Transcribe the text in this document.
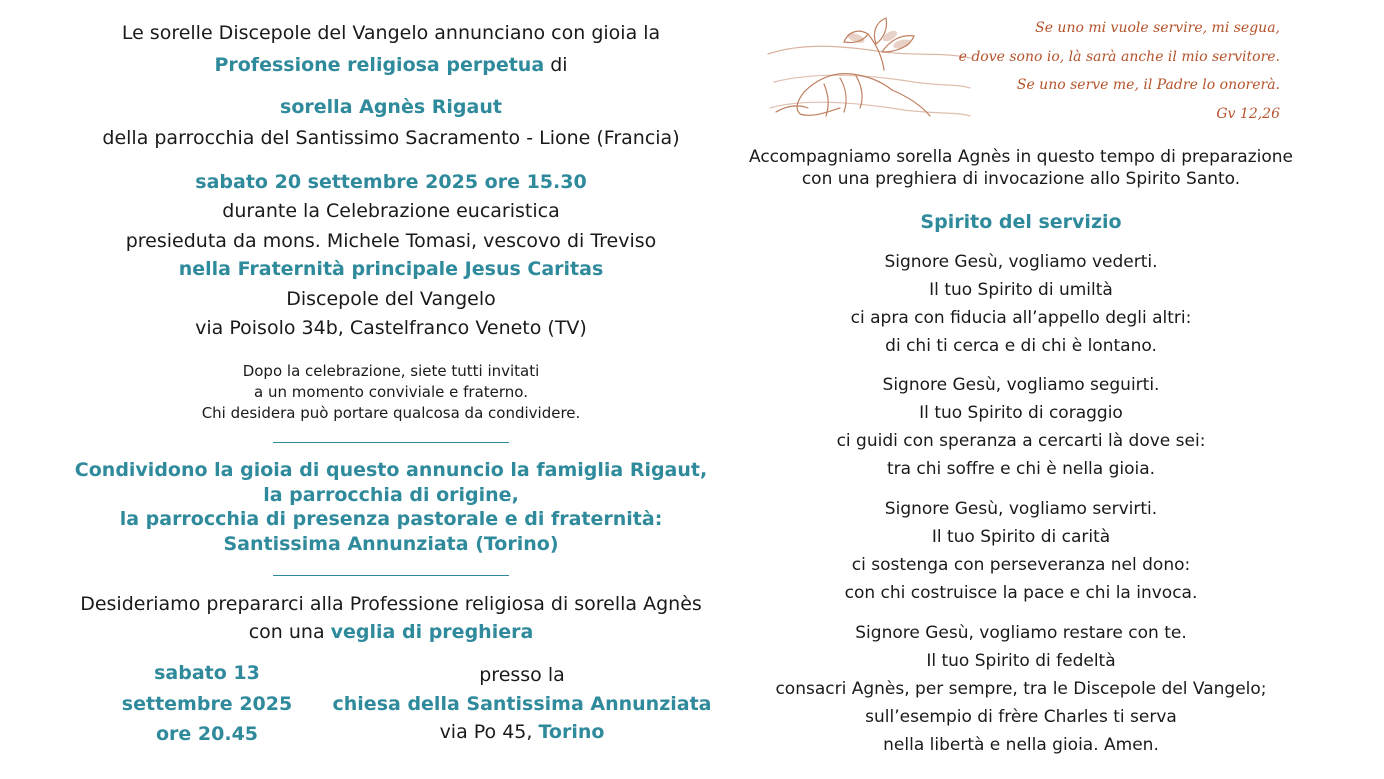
Le sorelle Discepole del Vangelo annunciano con gioia la
Professione religiosa perpetua di
sorella Agnès Rigaut
della parrocchia del Santissimo Sacramento - Lione (Francia)
sabato 20 settembre 2025 ore 15.30
durante la Celebrazione eucaristica
presieduta da mons. Michele Tomasi, vescovo di Treviso
nella Fraternità principale Jesus Caritas
Discepole del Vangelo
via Poisolo 34b, Castelfranco Veneto (TV)
Dopo la celebrazione, siete tutti invitati
a un momento conviviale e fraterno.
Chi desidera può portare qualcosa da condividere.
Condividono la gioia di questo annuncio la famiglia Rigaut,
la parrocchia di origine,
la parrocchia di presenza pastorale e di fraternità:
Santissima Annunziata (Torino)
Desideriamo prepararci alla Professione religiosa di sorella Agnès
con una veglia di preghiera
sabato 13
settembre 2025
ore 20.45
presso la
chiesa della Santissima Annunziata
via Po 45, Torino
Se uno mi vuole servire, mi segua,
e dove sono io, là sarà anche il mio servitore.
Se uno serve me, il Padre lo onorerà.
Gv 12,26
Accompagniamo sorella Agnès in questo tempo di preparazione
con una preghiera di invocazione allo Spirito Santo.
Spirito del servizio
Signore Gesù, vogliamo vederti.
Il tuo Spirito di umiltà
ci apra con fiducia all’appello degli altri:
di chi ti cerca e di chi è lontano.
Signore Gesù, vogliamo seguirti.
Il tuo Spirito di coraggio
ci guidi con speranza a cercarti là dove sei:
tra chi soffre e chi è nella gioia.
Signore Gesù, vogliamo servirti.
Il tuo Spirito di carità
ci sostenga con perseveranza nel dono:
con chi costruisce la pace e chi la invoca.
Signore Gesù, vogliamo restare con te.
Il tuo Spirito di fedeltà
consacri Agnès, per sempre, tra le Discepole del Vangelo;
sull’esempio di frère Charles ti serva
nella libertà e nella gioia. Amen.
